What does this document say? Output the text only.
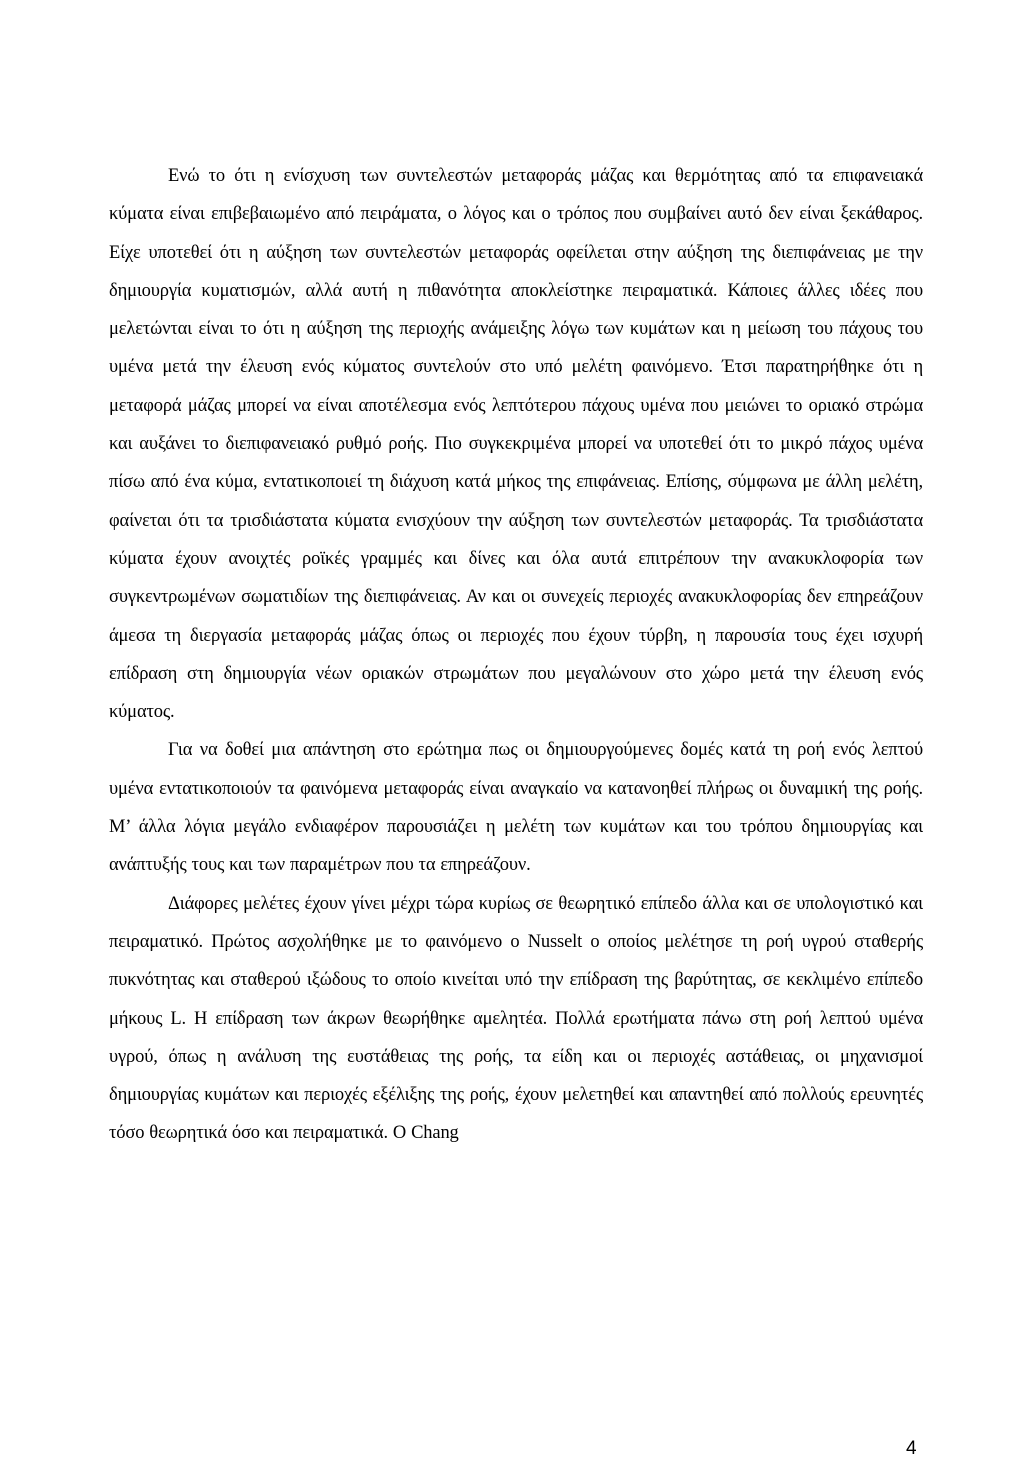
Ενώ το ότι η ενίσχυση των συντελεστών μεταφοράς μάζας και θερμότητας από τα επιφανειακά κύματα είναι επιβεβαιωμένο από πειράματα, ο λόγος και ο τρόπος που συμβαίνει αυτό δεν είναι ξεκάθαρος. Είχε υποτεθεί ότι η αύξηση των συντελεστών μεταφοράς οφείλεται στην αύξηση της διεπιφάνειας με την δημιουργία κυματισμών, αλλά αυτή η πιθανότητα αποκλείστηκε πειραματικά. Κάποιες άλλες ιδέες που μελετώνται είναι το ότι η αύξηση της περιοχής ανάμειξης λόγω των κυμάτων και η μείωση του πάχους του υμένα μετά την έλευση ενός κύματος συντελούν στο υπό μελέτη φαινόμενο. Έτσι παρατηρήθηκε ότι η μεταφορά μάζας μπορεί να είναι αποτέλεσμα ενός λεπτότερου πάχους υμένα που μειώνει το οριακό στρώμα και αυξάνει το διεπιφανειακό ρυθμό ροής. Πιο συγκεκριμένα μπορεί να υποτεθεί ότι το μικρό πάχος υμένα πίσω από ένα κύμα, εντατικοποιεί τη διάχυση κατά μήκος της επιφάνειας. Επίσης, σύμφωνα με άλλη μελέτη, φαίνεται ότι τα τρισδιάστατα κύματα ενισχύουν την αύξηση των συντελεστών μεταφοράς. Τα τρισδιάστατα κύματα έχουν ανοιχτές ροϊκές γραμμές και δίνες και όλα αυτά επιτρέπουν την ανακυκλοφορία των συγκεντρωμένων σωματιδίων της διεπιφάνειας. Αν και οι συνεχείς περιοχές ανακυκλοφορίας δεν επηρεάζουν άμεσα τη διεργασία μεταφοράς μάζας όπως οι περιοχές που έχουν τύρβη, η παρουσία τους έχει ισχυρή επίδραση στη δημιουργία νέων οριακών στρωμάτων που μεγαλώνουν στο χώρο μετά την έλευση ενός κύματος.

Για να δοθεί μια απάντηση στο ερώτημα πως οι δημιουργούμενες δομές κατά τη ροή ενός λεπτού υμένα εντατικοποιούν τα φαινόμενα μεταφοράς είναι αναγκαίο να κατανοηθεί πλήρως οι δυναμική της ροής. Μ’ άλλα λόγια μεγάλο ενδιαφέρον παρουσιάζει η μελέτη των κυμάτων και του τρόπου δημιουργίας και ανάπτυξής τους και των παραμέτρων που τα επηρεάζουν.

Διάφορες μελέτες έχουν γίνει μέχρι τώρα κυρίως σε θεωρητικό επίπεδο άλλα και σε υπολογιστικό και πειραματικό. Πρώτος ασχολήθηκε με το φαινόμενο ο Nusselt ο οποίος μελέτησε τη ροή υγρού σταθερής πυκνότητας και σταθερού ιξώδους το οποίο κινείται υπό την επίδραση της βαρύτητας, σε κεκλιμένο επίπεδο μήκους L. Η επίδραση των άκρων θεωρήθηκε αμελητέα. Πολλά ερωτήματα πάνω στη ροή λεπτού υμένα υγρού, όπως η ανάλυση της ευστάθειας της ροής, τα είδη και οι περιοχές αστάθειας, οι μηχανισμοί δημιουργίας κυμάτων και περιοχές εξέλιξης της ροής, έχουν μελετηθεί και απαντηθεί από πολλούς ερευνητές τόσο θεωρητικά όσο και πειραματικά. Ο Chang

4
